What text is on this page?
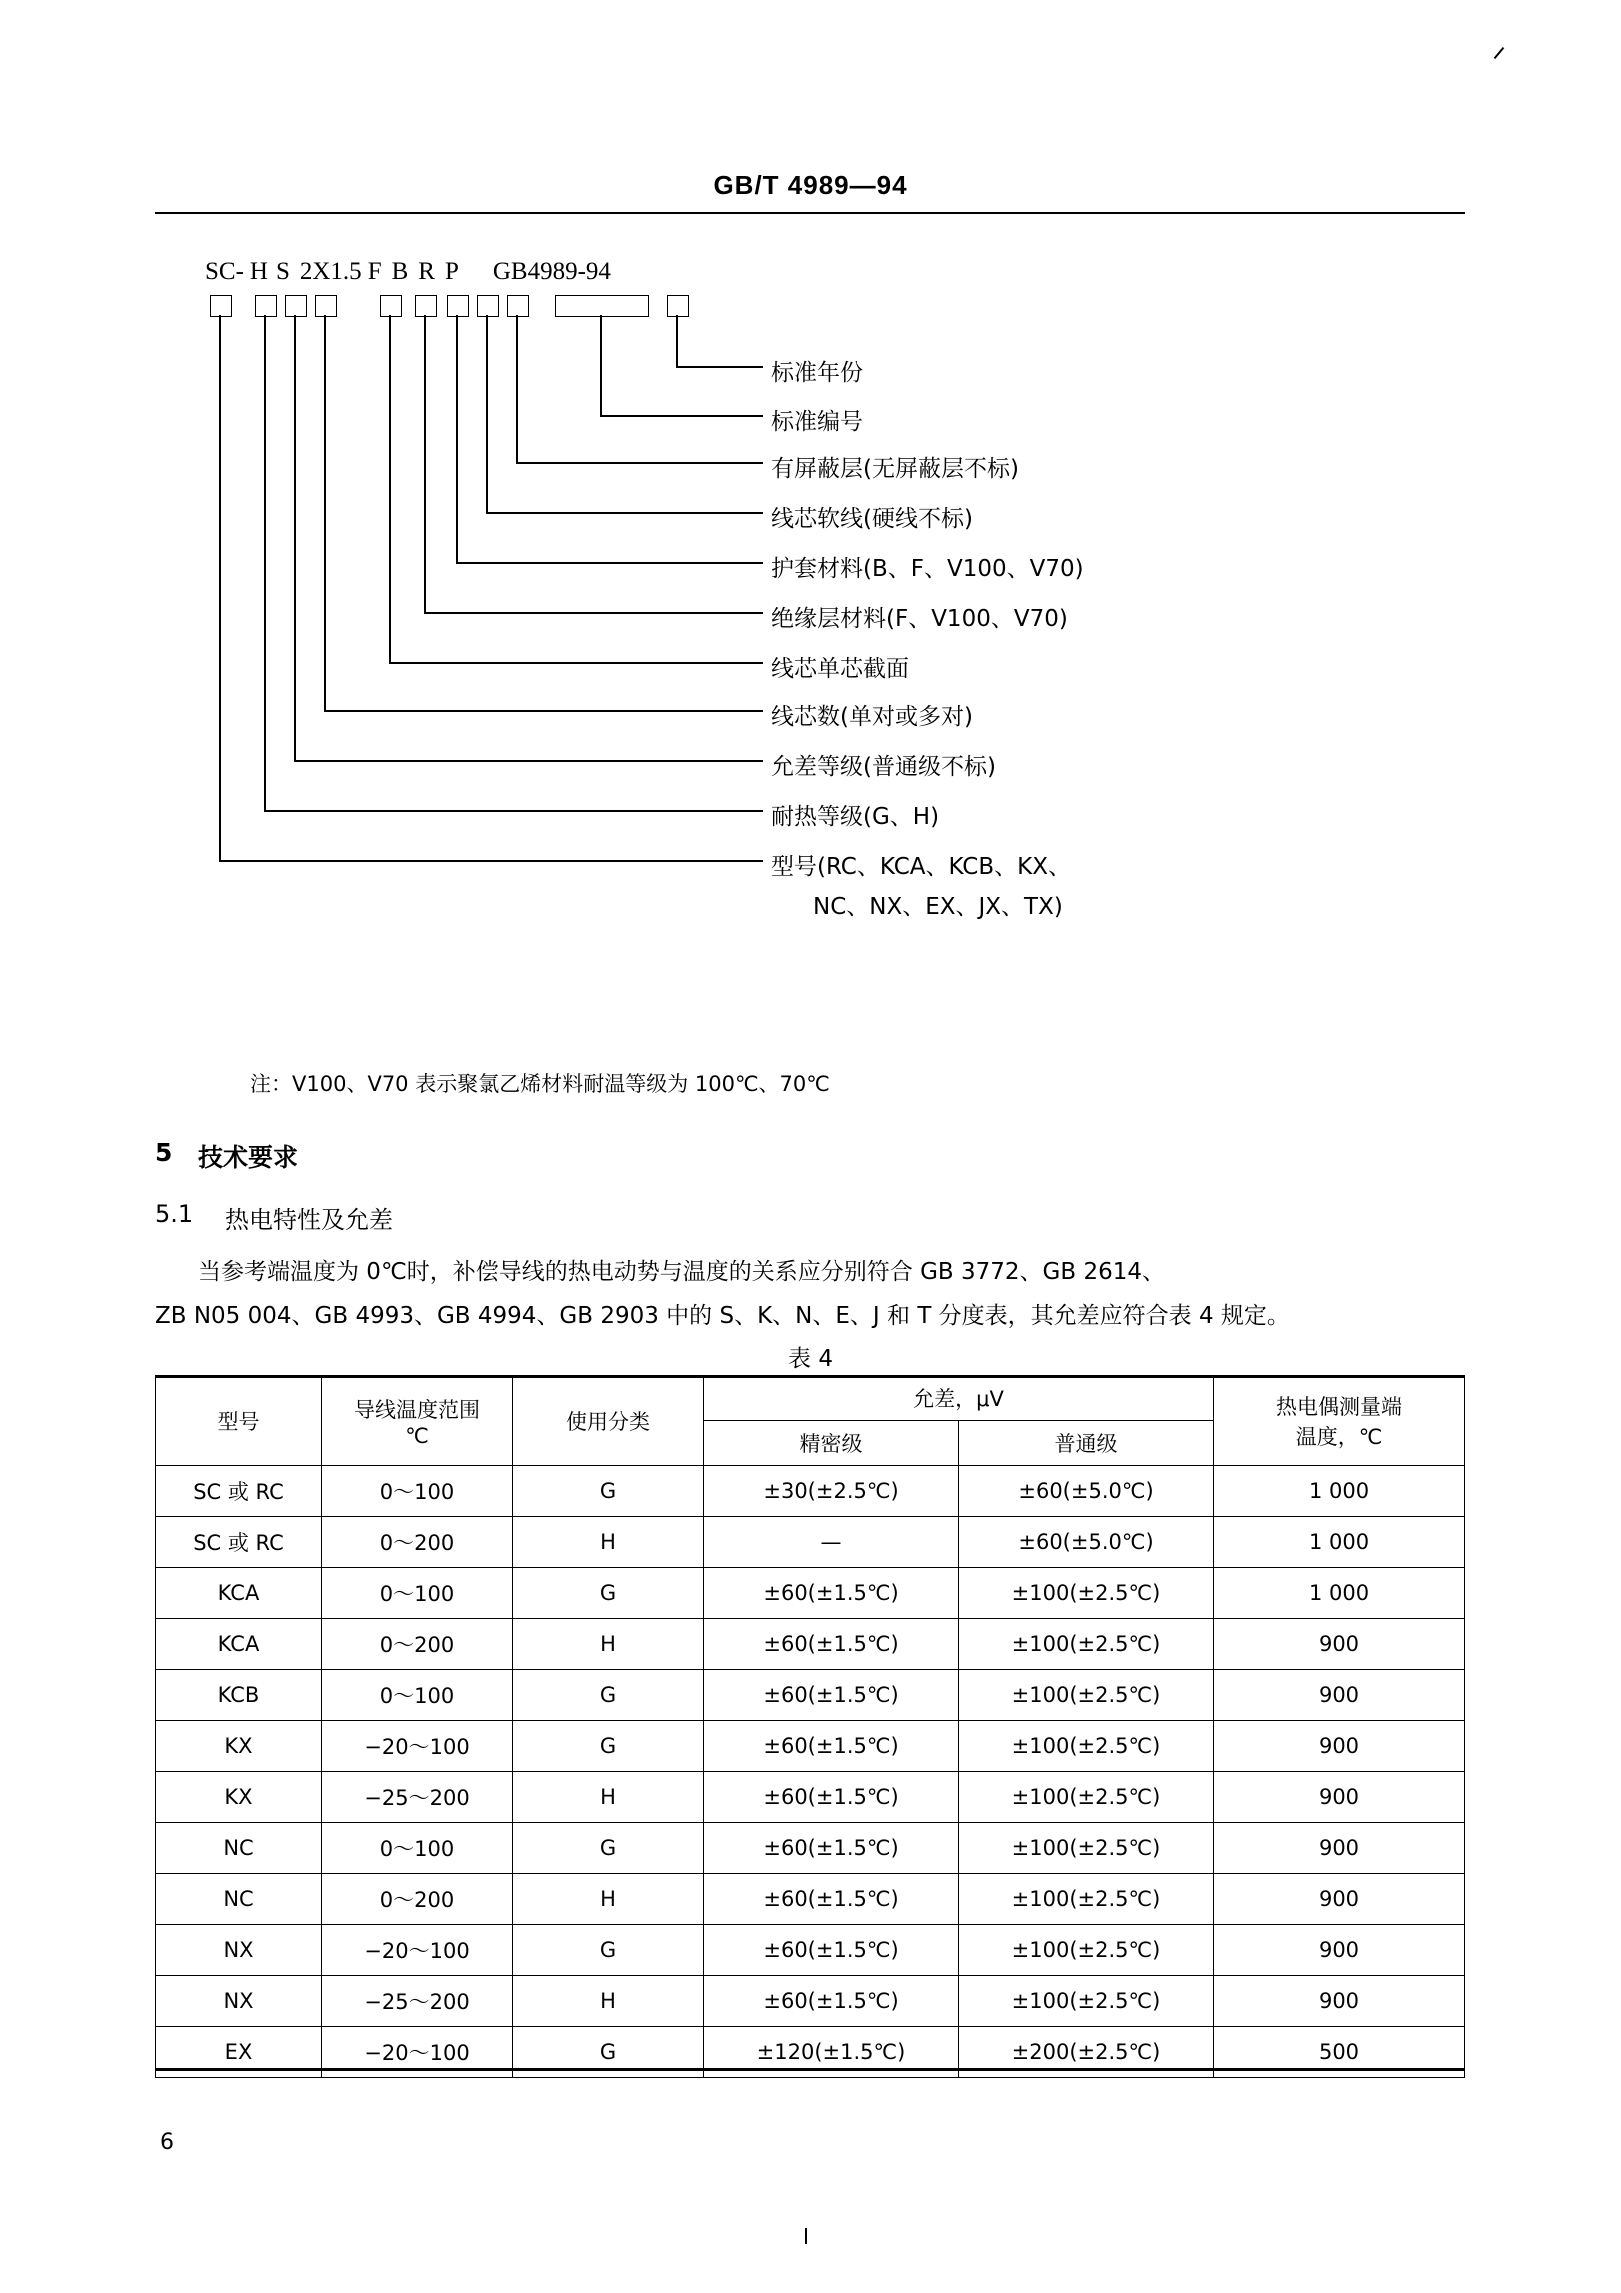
GB/T 4989—94
SC- H S 2X1.5 F B R P GB4989-94
标准年份
标准编号
有屏蔽层(无屏蔽层不标)
线芯软线(硬线不标)
护套材料(B、F、V100、V70)
绝缘层材料(F、V100、V70)
线芯单芯截面
线芯数(单对或多对)
允差等级(普通级不标)
耐热等级(G、H)
型号(RC、KCA、KCB、KX、
NC、NX、EX、JX、TX)
注：V100、V70 表示聚氯乙烯材料耐温等级为 100℃、70℃
5 技术要求
5.1 热电特性及允差
当参考端温度为 0℃时，补偿导线的热电动势与温度的关系应分别符合 GB 3772、GB 2614、
ZB N05 004、GB 4993、GB 4994、GB 2903 中的 S、K、N、E、J 和 T 分度表，其允差应符合表 4 规定。
表 4
型号	导线温度范围
℃
	使用分类	允差，μV	热电偶测量端
温度，℃

			精密级	普通级	
SC 或 RC	0～100	G	±30(±2.5℃)	±60(±5.0℃)	1 000
SC 或 RC	0～200	H	—	±60(±5.0℃)	1 000
KCA	0～100	G	±60(±1.5℃)	±100(±2.5℃)	1 000
KCA	0～200	H	±60(±1.5℃)	±100(±2.5℃)	900
KCB	0～100	G	±60(±1.5℃)	±100(±2.5℃)	900
KX	−20～100	G	±60(±1.5℃)	±100(±2.5℃)	900
KX	−25～200	H	±60(±1.5℃)	±100(±2.5℃)	900
NC	0～100	G	±60(±1.5℃)	±100(±2.5℃)	900
NC	0～200	H	±60(±1.5℃)	±100(±2.5℃)	900
NX	−20～100	G	±60(±1.5℃)	±100(±2.5℃)	900
NX	−25～200	H	±60(±1.5℃)	±100(±2.5℃)	900
EX	−20～100	G	±120(±1.5℃)	±200(±2.5℃)	500
6
